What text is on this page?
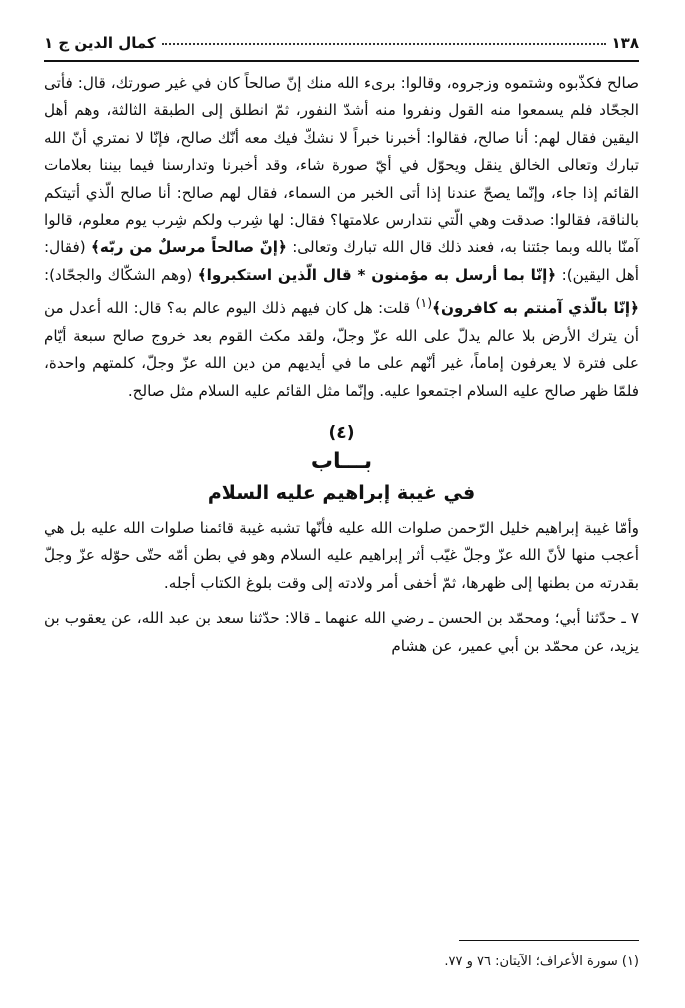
١٣٨
كمال الدين ج ١

صالح فكذّبوه وشتموه وزجروه، وقالوا: برىء الله منك إنّ صالحاً كان في غير صورتك، قال: فأتى الجحّاد فلم يسمعوا منه القول ونفروا منه أشدّ النفور، ثمّ انطلق إلى الطبقة الثالثة، وهم أهل اليقين فقال لهم: أنا صالح، فقالوا: أخبرنا خبراً لا نشكّ فيك معه أنّك صالح، فإنّا لا نمتري أنّ الله تبارك وتعالى الخالق ينقل ويحوّل في أيّ صورة شاء، وقد أخبرنا وتدارسنا فيما بيننا بعلامات القائم إذا جاء، وإنّما يصحّ عندنا إذا أتى الخبر من السماء، فقال لهم صالح: أنا صالح الّذي أتيتكم بالناقة، فقالوا: صدقت وهي الّتي نتدارس علامتها؟ فقال: لها شِرب ولكم شِرب يوم معلوم، قالوا آمنّا بالله وبما جئتنا به، فعند ذلك قال الله تبارك وتعالى: ﴿إنّ صالحاً مرسلٌ من ربّه﴾ (فقال: أهل اليقين): ﴿إنّا بما أرسل به مؤمنون * قال الّذين استكبروا﴾ (وهم الشكّاك والجحّاد): ﴿إنّا بالّذي آمنتم به كافرون﴾$^{(١)}$ قلت: هل كان فيهم ذلك اليوم عالم به؟ قال: الله أعدل من أن يترك الأرض بلا عالم يدلّ على الله عزّ وجلّ، ولقد مكث القوم بعد خروج صالح سبعة أيّام على فترة لا يعرفون إماماً، غير أنّهم على ما في أيديهم من دين الله عزّ وجلّ، كلمتهم واحدة، فلمّا ظهر صالح عليه السلام اجتمعوا عليه. وإنّما مثل القائم عليه السلام مثل صالح.

(٤)
بـــاب
في غيبة إبراهيم عليه السلام

وأمّا غيبة إبراهيم خليل الرّحمن صلوات الله عليه فأنّها تشبه غيبة قائمنا صلوات الله عليه بل هي أعجب منها لأنّ الله عزّ وجلّ غيّب أثر إبراهيم عليه السلام وهو في بطن أمّه حتّى حوّله عزّ وجلّ بقدرته من بطنها إلى ظهرها، ثمّ أخفى أمر ولادته إلى وقت بلوغ الكتاب أجله.

٧ ـ حدّثنا أبي؛ ومحمّد بن الحسن ـ رضي الله عنهما ـ قالا: حدّثنا سعد بن عبد الله، عن يعقوب بن يزيد، عن محمّد بن أبي عمير، عن هشام

(١) سورة الأعراف؛ الآيتان: ٧٦ و ٧٧.
